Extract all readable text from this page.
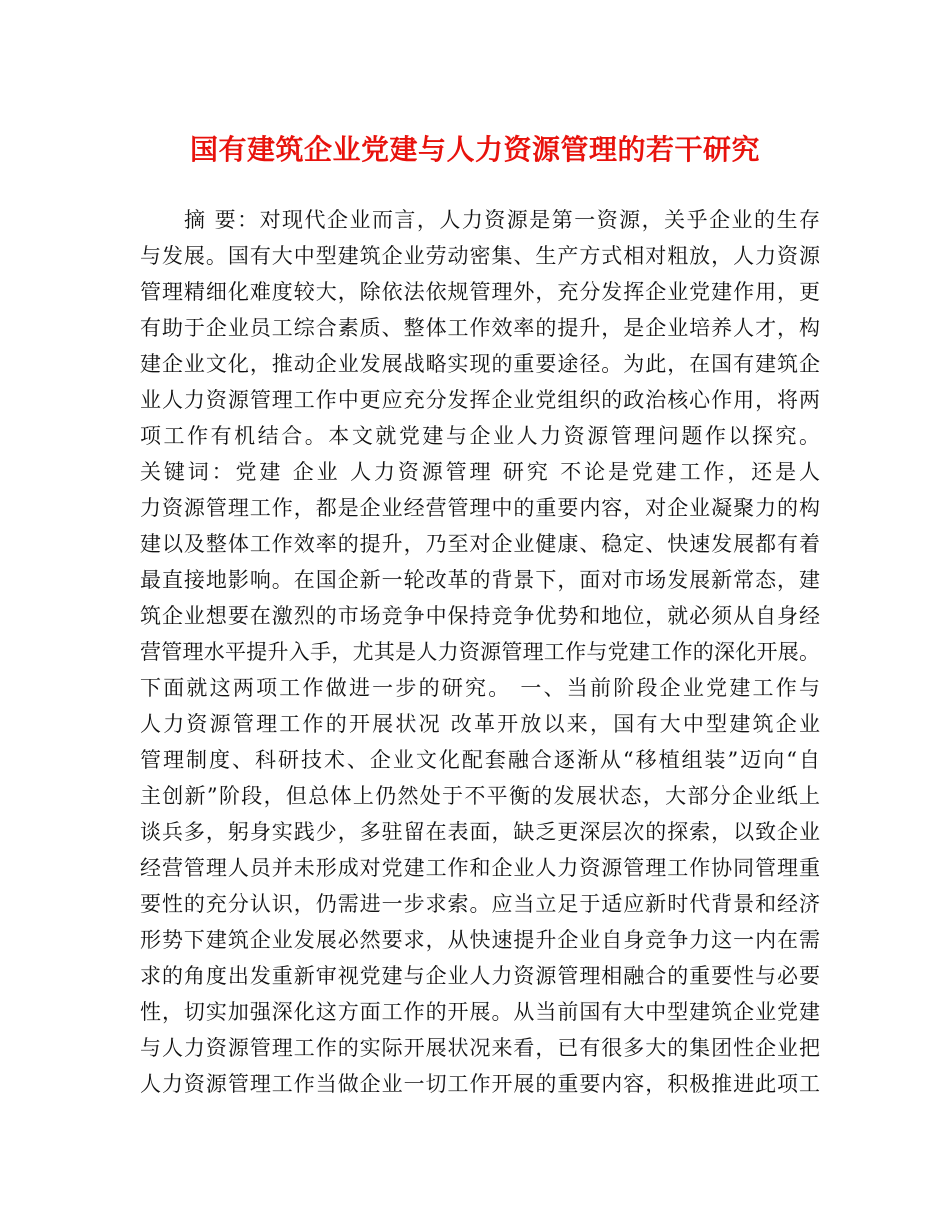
国有建筑企业党建与人力资源管理的若干研究
摘 要：对现代企业而言，人力资源是第一资源，关乎企业的生存
与发展。国有大中型建筑企业劳动密集、生产方式相对粗放，人力资源
管理精细化难度较大，除依法依规管理外，充分发挥企业党建作用，更
有助于企业员工综合素质、整体工作效率的提升，是企业培养人才，构
建企业文化，推动企业发展战略实现的重要途径。为此，在国有建筑企
业人力资源管理工作中更应充分发挥企业党组织的政治核心作用，将两
项工作有机结合。本文就党建与企业人力资源管理问题作以探究。
关键词：党建 企业 人力资源管理 研究 不论是党建工作，还是人
力资源管理工作，都是企业经营管理中的重要内容，对企业凝聚力的构
建以及整体工作效率的提升，乃至对企业健康、稳定、快速发展都有着
最直接地影响。在国企新一轮改革的背景下，面对市场发展新常态，建
筑企业想要在激烈的市场竞争中保持竞争优势和地位，就必须从自身经
营管理水平提升入手，尤其是人力资源管理工作与党建工作的深化开展。
下面就这两项工作做进一步的研究。 一、当前阶段企业党建工作与
人力资源管理工作的开展状况 改革开放以来，国有大中型建筑企业
管理制度、科研技术、企业文化配套融合逐渐从“移植组装”迈向“自
主创新”阶段，但总体上仍然处于不平衡的发展状态，大部分企业纸上
谈兵多，躬身实践少，多驻留在表面，缺乏更深层次的探索，以致企业
经营管理人员并未形成对党建工作和企业人力资源管理工作协同管理重
要性的充分认识，仍需进一步求索。应当立足于适应新时代背景和经济
形势下建筑企业发展必然要求，从快速提升企业自身竞争力这一内在需
求的角度出发重新审视党建与企业人力资源管理相融合的重要性与必要
性，切实加强深化这方面工作的开展。从当前国有大中型建筑企业党建
与人力资源管理工作的实际开展状况来看，已有很多大的集团性企业把
人力资源管理工作当做企业一切工作开展的重要内容，积极推进此项工
